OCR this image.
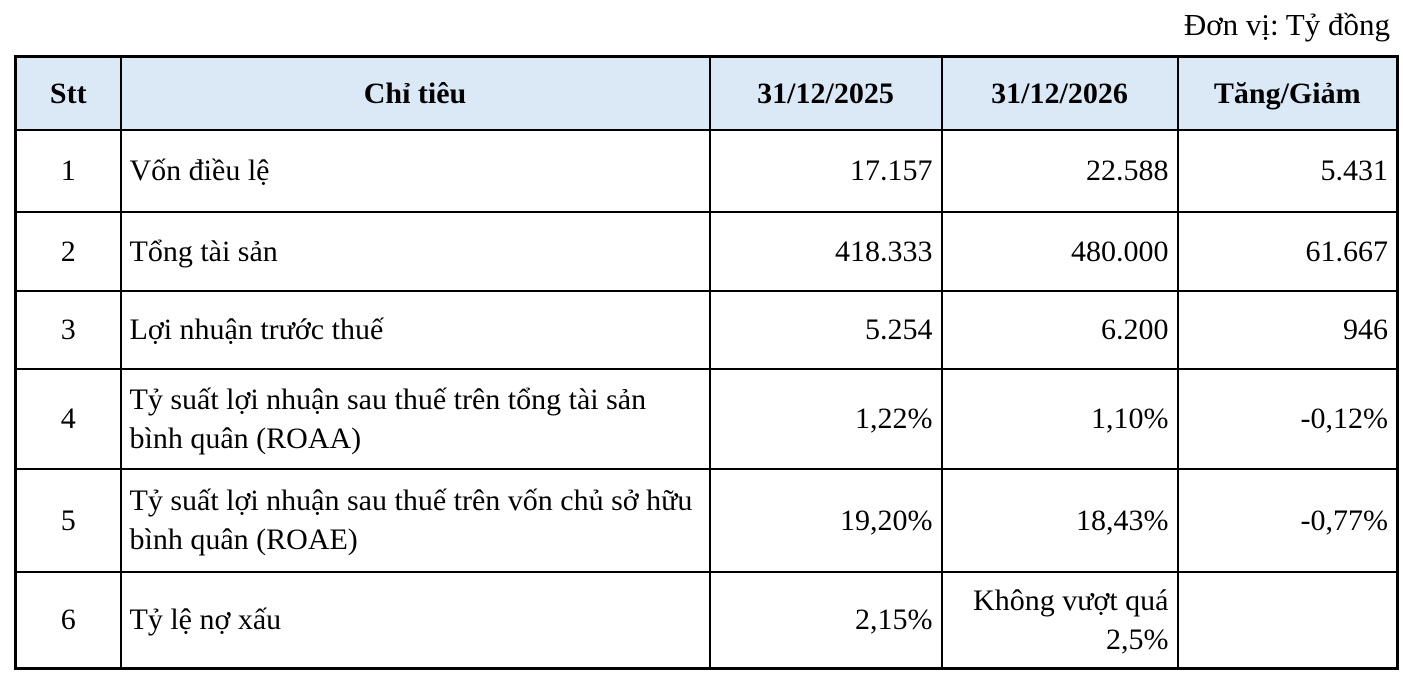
Đơn vị: Tỷ đồng
Stt	Chỉ tiêu	31/12/2025	31/12/2026	Tăng/Giảm
1	Vốn điều lệ	17.157	22.588	5.431
2	Tổng tài sản	418.333	480.000	61.667
3	Lợi nhuận trước thuế	5.254	6.200	946
4	Tỷ suất lợi nhuận sau thuế trên tổng tài sản bình quân (ROAA)	1,22%	1,10%	-0,12%
5	Tỷ suất lợi nhuận sau thuế trên vốn chủ sở hữu bình quân (ROAE)	19,20%	18,43%	-0,77%
6	Tỷ lệ nợ xấu	2,15%	Không vượt quá 2,5%	
